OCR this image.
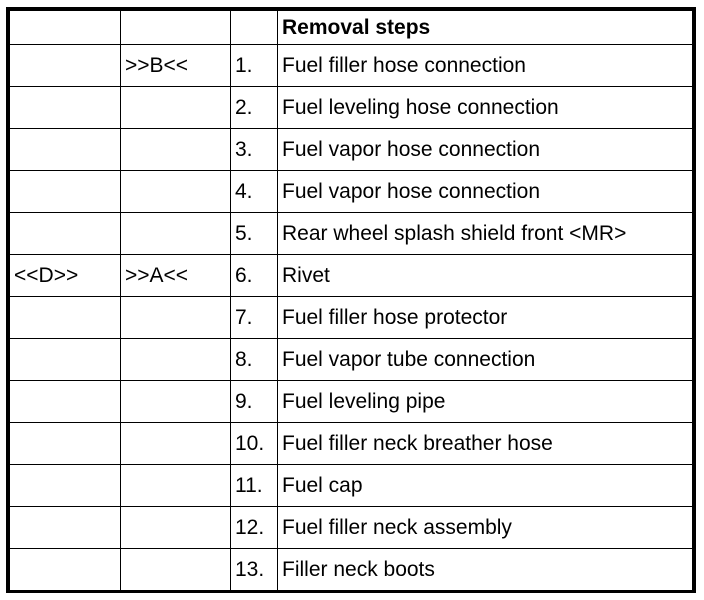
			Removal steps
	>>B<<	1.	Fuel filler hose connection
		2.	Fuel leveling hose connection
		3.	Fuel vapor hose connection
		4.	Fuel vapor hose connection
		5.	Rear wheel splash shield front <MR>
<<D>>	>>A<<	6.	Rivet
		7.	Fuel filler hose protector
		8.	Fuel vapor tube connection
		9.	Fuel leveling pipe
		10.	Fuel filler neck breather hose
		11.	Fuel cap
		12.	Fuel filler neck assembly
		13.	Filler neck boots
